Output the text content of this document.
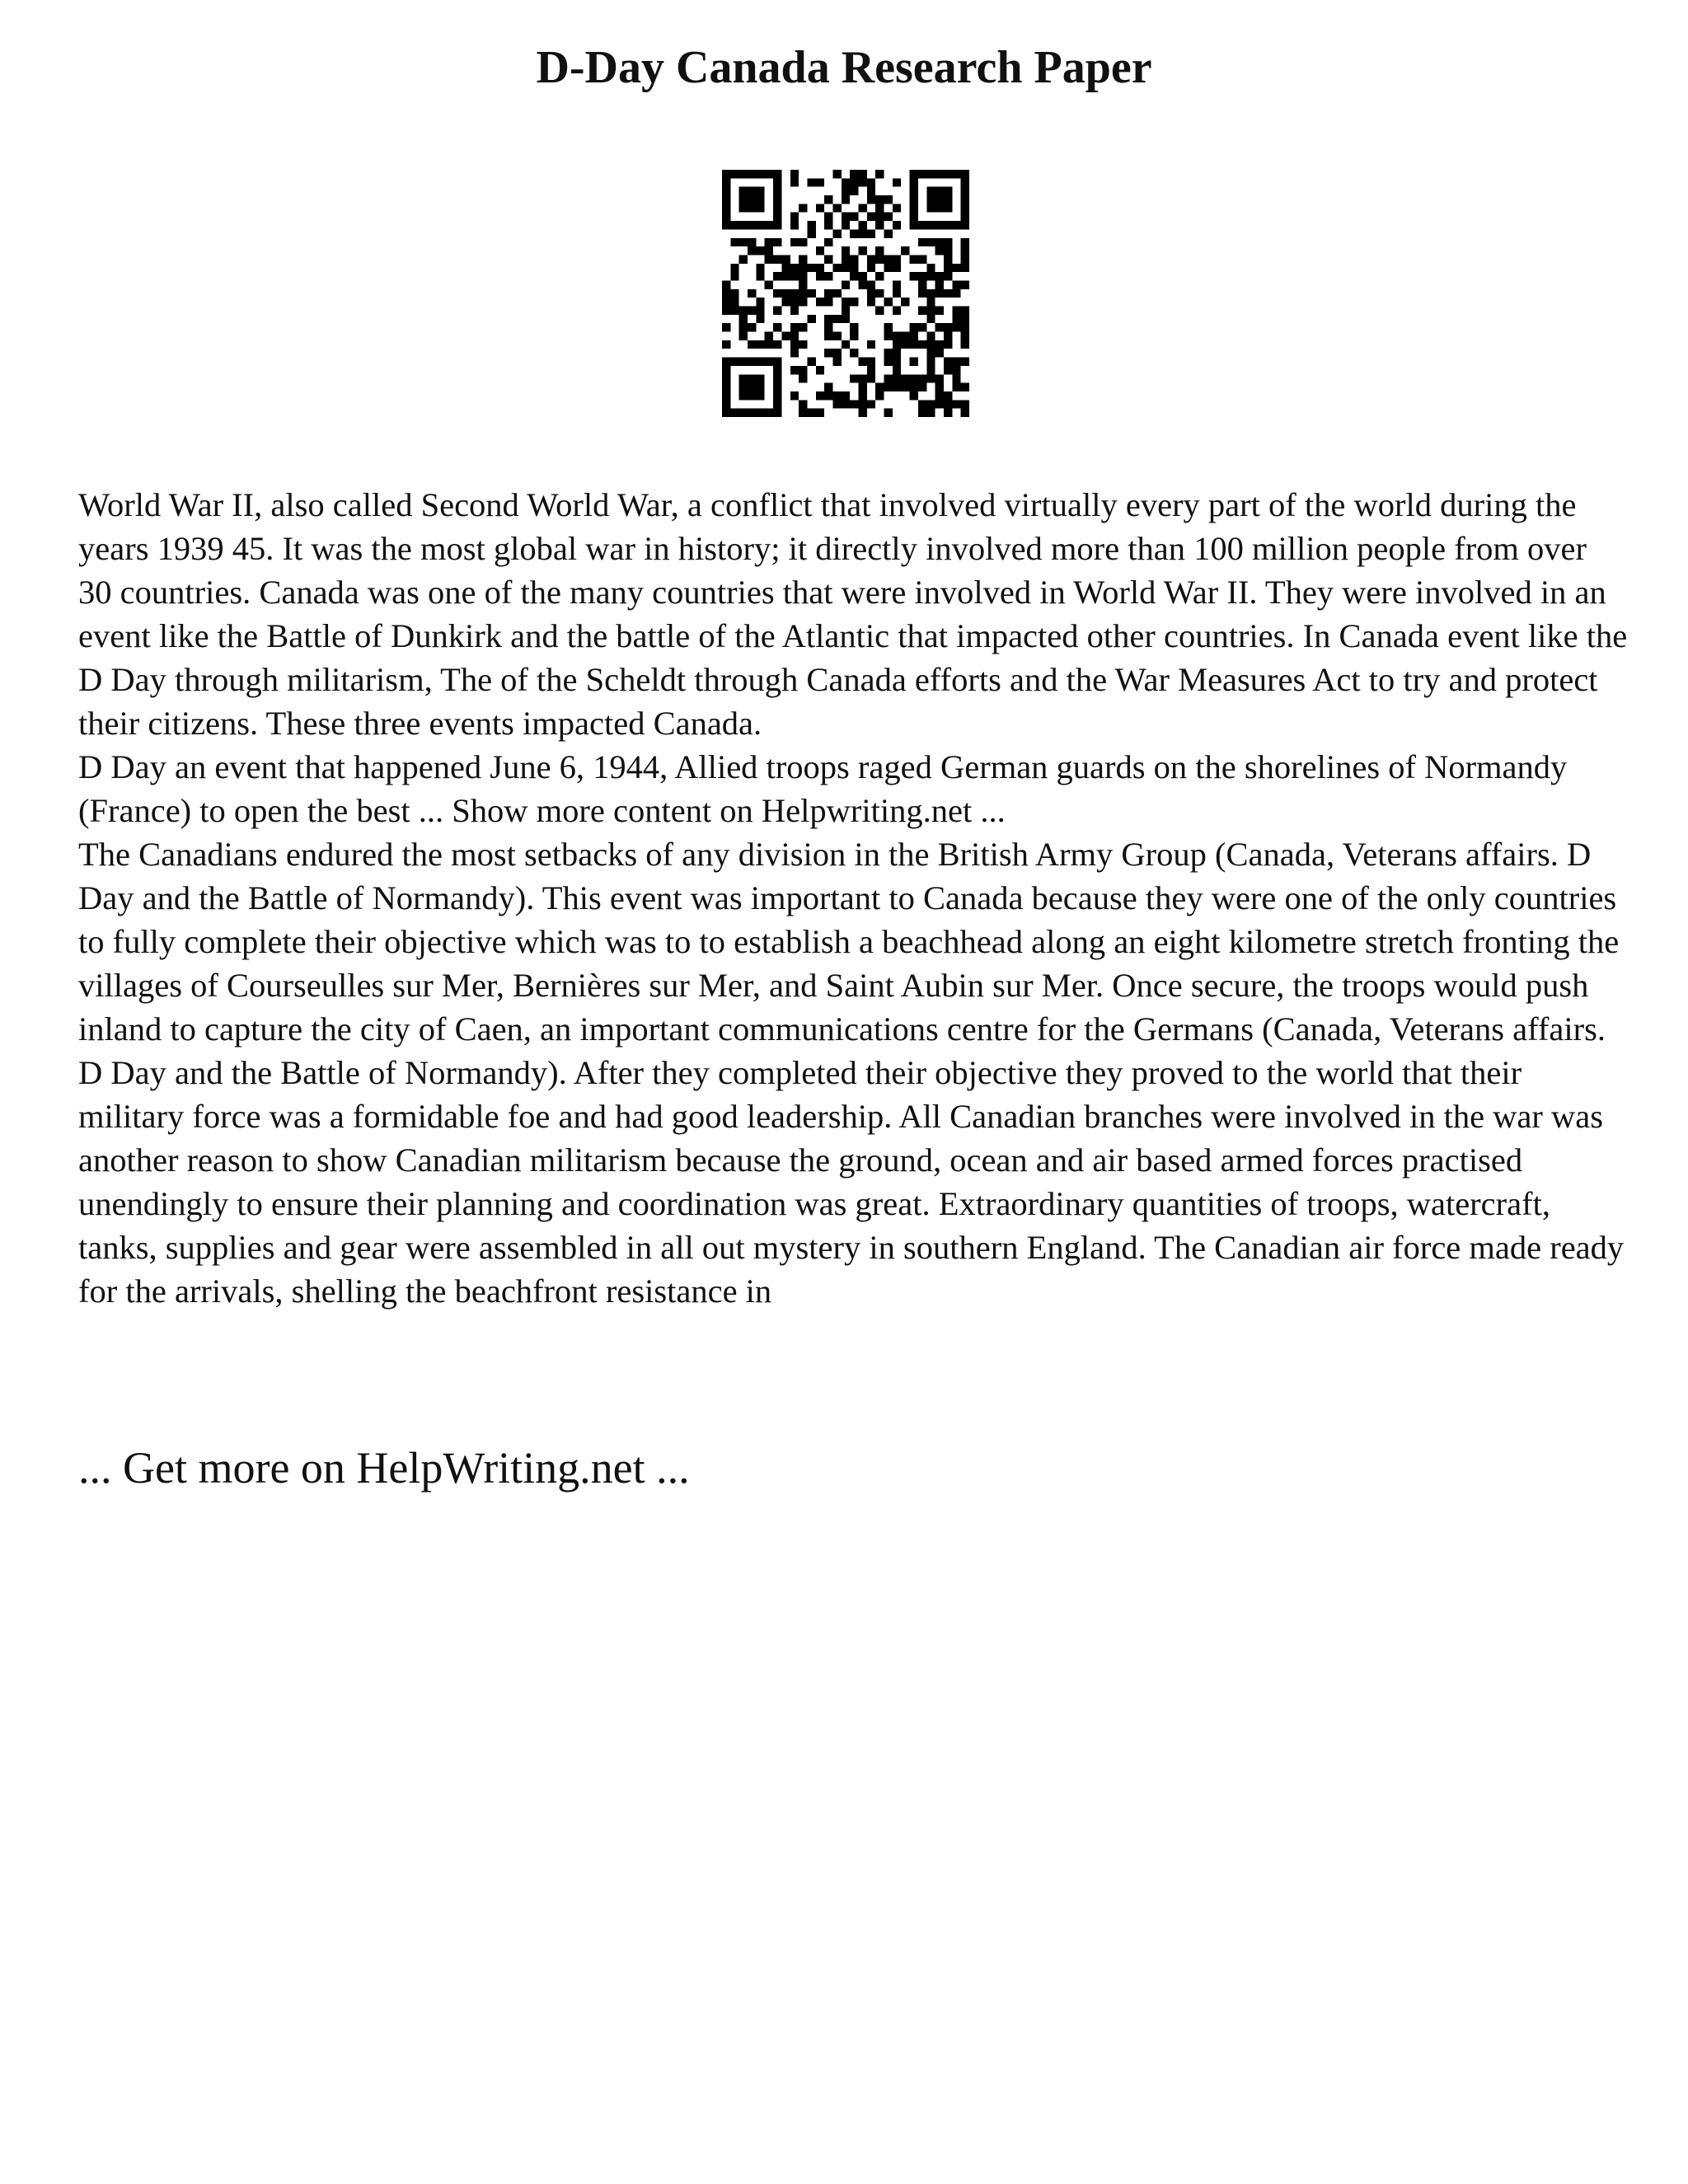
D-Day Canada Research Paper

World War II, also called Second World War, a conflict that involved virtually every part of the world during the years 1939 45. It was the most global war in history; it directly involved more than 100 million people from over 30 countries. Canada was one of the many countries that were involved in World War II. They were involved in an event like the Battle of Dunkirk and the battle of the Atlantic that impacted other countries. In Canada event like the D Day through militarism, The of the Scheldt through Canada efforts and the War Measures Act to try and protect their citizens. These three events impacted Canada.

D Day an event that happened June 6, 1944, Allied troops raged German guards on the shorelines of Normandy (France) to open the best ... Show more content on Helpwriting.net ...

The Canadians endured the most setbacks of any division in the British Army Group (Canada, Veterans affairs. D Day and the Battle of Normandy). This event was important to Canada because they were one of the only countries to fully complete their objective which was to to establish a beachhead along an eight kilometre stretch fronting the villages of Courseulles sur Mer, Bernières sur Mer, and Saint Aubin sur Mer. Once secure, the troops would push inland to capture the city of Caen, an important communications centre for the Germans (Canada, Veterans affairs. D Day and the Battle of Normandy). After they completed their objective they proved to the world that their military force was a formidable foe and had good leadership. All Canadian branches were involved in the war was another reason to show Canadian militarism because the ground, ocean and air based armed forces practised unendingly to ensure their planning and coordination was great. Extraordinary quantities of troops, watercraft, tanks, supplies and gear were assembled in all out mystery in southern England. The Canadian air force made ready for the arrivals, shelling the beachfront resistance in

... Get more on HelpWriting.net ...
